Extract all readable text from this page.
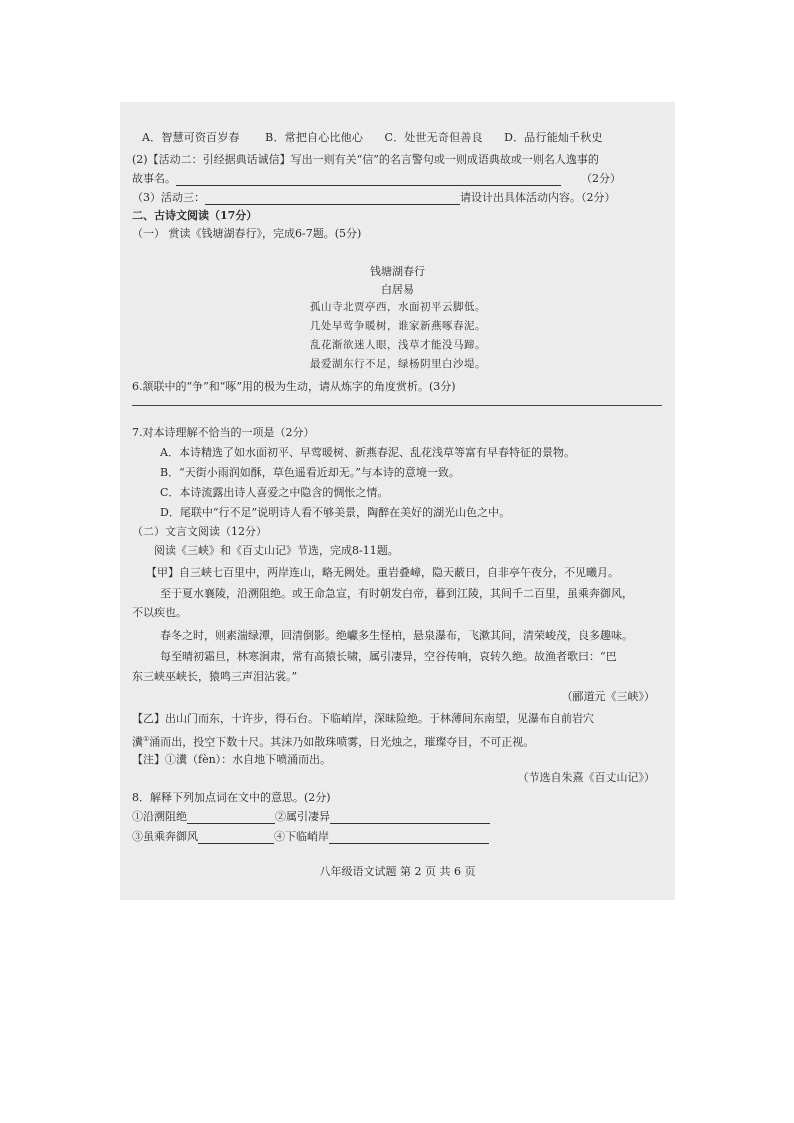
A．智慧可资百岁春 B．常把自心比他心 C．处世无奇但善良 D．品行能灿千秋史
(2)【活动二：引经据典话诚信】写出一则有关“信”的名言警句或一则成语典故或一则名人逸事的
故事名。	（2分）
（3）活动三：	请设计出具体活动内容。（2分）
二、古诗文阅读（17分）
（一） 赏读《钱塘湖春行》，完成6-7题。(5分)
钱塘湖春行
白居易
孤山寺北贾亭西，水面初平云脚低。
几处早莺争暖树，谁家新燕啄春泥。
乱花渐欲迷人眼，浅草才能没马蹄。
最爱湖东行不足，绿杨阴里白沙堤。
6.颔联中的“争”和“啄”用的极为生动，请从炼字的角度赏析。(3分)
7.对本诗理解不恰当的一项是（2分）
A．本诗精选了如水面初平、早莺暖树、新燕春泥、乱花浅草等富有早春特征的景物。
B．“天街小雨润如酥，草色遥看近却无。”与本诗的意境一致。
C．本诗流露出诗人喜爱之中隐含的惆怅之情。
D．尾联中“行不足”说明诗人看不够美景，陶醉在美好的湖光山色之中。
（二）文言文阅读（12分）
阅读《三峡》和《百丈山记》节选，完成8-11题。
【甲】自三峡七百里中，两岸连山，略无阙处。重岩叠嶂，隐天蔽日，自非亭午夜分，不见曦月。
至于夏水襄陵，沿溯阻绝。或王命急宣，有时朝发白帝，暮到江陵，其间千二百里，虽乘奔御风，
不以疾也。
春冬之时，则素湍绿潭，回清倒影。绝巘多生怪柏，悬泉瀑布，飞漱其间，清荣峻茂，良多趣味。
每至晴初霜旦，林寒涧肃，常有高猿长啸，属引凄异，空谷传响，哀转久绝。故渔者歌曰：“巴
东三峡巫峡长，猿鸣三声泪沾裳。”
（郦道元《三峡》）
【乙】出山门而东，十许步，得石台。下临峭岸，深昧险绝。于林薄间东南望，见瀑布自前岩穴
瀵①涌而出，投空下数十尺。其沫乃如散珠喷雾，日光烛之，璀璨夺目，不可正视。
【注】①瀵（fèn）：水自地下喷涌而出。
（节选自朱熹《百丈山记》）
8．解释下列加点词在文中的意思。(2分)
①沿溯阻绝	②属引凄异
③虽乘奔御风	④下临峭岸
八年级语文试题 第 2 页 共 6 页
